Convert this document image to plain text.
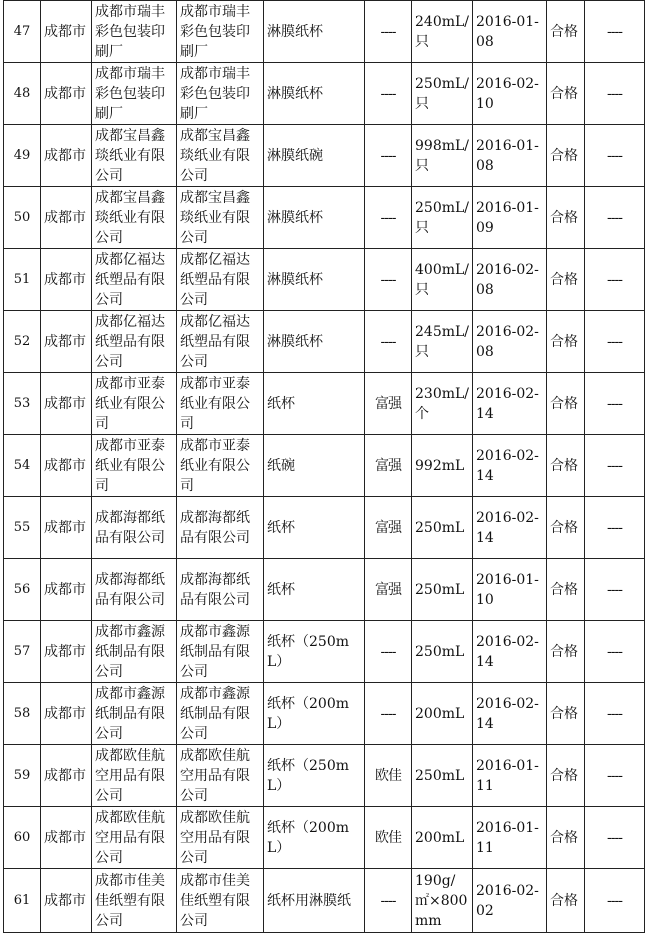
47	成都市	成都市瑞丰彩色包装印刷厂	成都市瑞丰彩色包装印刷厂	淋膜纸杯	----	240mL/只	2016-01-08	合格	----
48	成都市	成都市瑞丰彩色包装印刷厂	成都市瑞丰彩色包装印刷厂	淋膜纸杯	----	250mL/只	2016-02-10	合格	----
49	成都市	成都宝昌鑫琰纸业有限公司	成都宝昌鑫琰纸业有限公司	淋膜纸碗	----	998mL/只	2016-01-08	合格	----
50	成都市	成都宝昌鑫琰纸业有限公司	成都宝昌鑫琰纸业有限公司	淋膜纸杯	----	250mL/只	2016-01-09	合格	----
51	成都市	成都亿福达纸塑品有限公司	成都亿福达纸塑品有限公司	淋膜纸杯	----	400mL/只	2016-02-08	合格	----
52	成都市	成都亿福达纸塑品有限公司	成都亿福达纸塑品有限公司	淋膜纸杯	----	245mL/只	2016-02-08	合格	----
53	成都市	成都市亚泰纸业有限公司	成都市亚泰纸业有限公司	纸杯	富强	230mL/个	2016-02-14	合格	----
54	成都市	成都市亚泰纸业有限公司	成都市亚泰纸业有限公司	纸碗	富强	992mL	2016-02-14	合格	----
55	成都市	成都海都纸品有限公司	成都海都纸品有限公司	纸杯	富强	250mL	2016-02-14	合格	----
56	成都市	成都海都纸品有限公司	成都海都纸品有限公司	纸杯	富强	250mL	2016-01-10	合格	----
57	成都市	成都市鑫源纸制品有限公司	成都市鑫源纸制品有限公司	纸杯（250mL）	----	250mL	2016-02-14	合格	----
58	成都市	成都市鑫源纸制品有限公司	成都市鑫源纸制品有限公司	纸杯（200mL）	----	200mL	2016-02-14	合格	----
59	成都市	成都欧佳航空用品有限公司	成都欧佳航空用品有限公司	纸杯（250mL）	欧佳	250mL	2016-01-11	合格	----
60	成都市	成都欧佳航空用品有限公司	成都欧佳航空用品有限公司	纸杯（200mL）	欧佳	200mL	2016-01-11	合格	----
61	成都市	成都市佳美佳纸塑有限公司	成都市佳美佳纸塑有限公司	纸杯用淋膜纸	----	190g/㎡×800mm	2016-02-02	合格	----
